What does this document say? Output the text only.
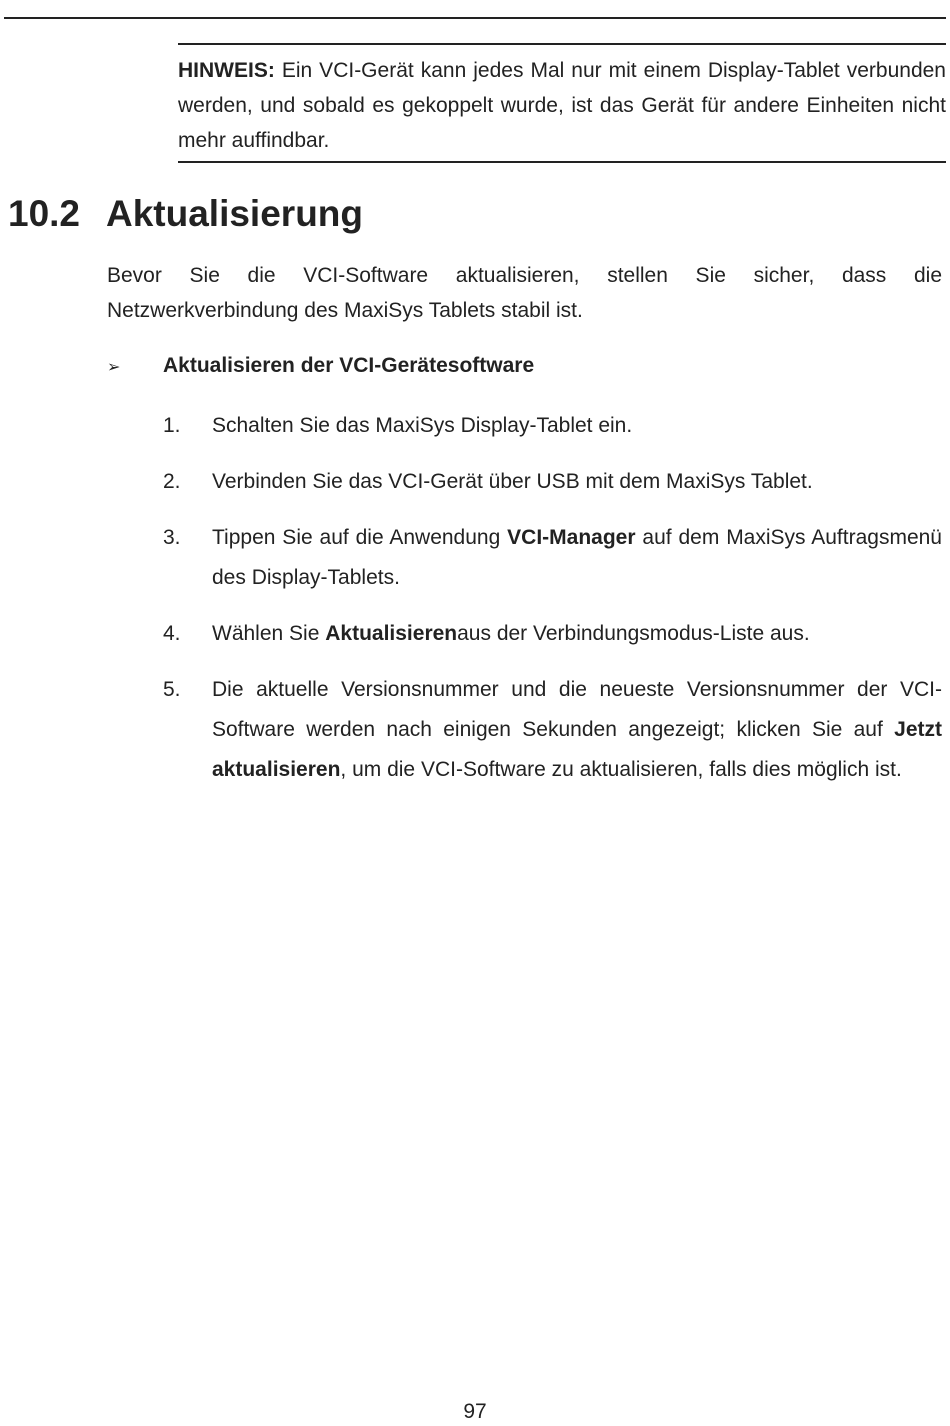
HINWEIS: Ein VCI-Gerät kann jedes Mal nur mit einem Display-Tablet verbunden werden, und sobald es gekoppelt wurde, ist das Gerät für andere Einheiten nicht mehr auffindbar.
10.2 Aktualisierung

Bevor Sie die VCI-Software aktualisieren, stellen Sie sicher, dass die Netzwerkverbindung des MaxiSys Tablets stabil ist.

➢ Aktualisieren der VCI-Gerätesoftware

1. Schalten Sie das MaxiSys Display-Tablet ein.
2. Verbinden Sie das VCI-Gerät über USB mit dem MaxiSys Tablet.
3. Tippen Sie auf die Anwendung VCI-Manager auf dem MaxiSys Auftragsmenü des Display-Tablets.
4. Wählen Sie Aktualisierenaus der Verbindungsmodus-Liste aus.
5. Die aktuelle Versionsnummer und die neueste Versionsnummer der VCI-Software werden nach einigen Sekunden angezeigt; klicken Sie auf Jetzt aktualisieren, um die VCI-Software zu aktualisieren, falls dies möglich ist.
97
